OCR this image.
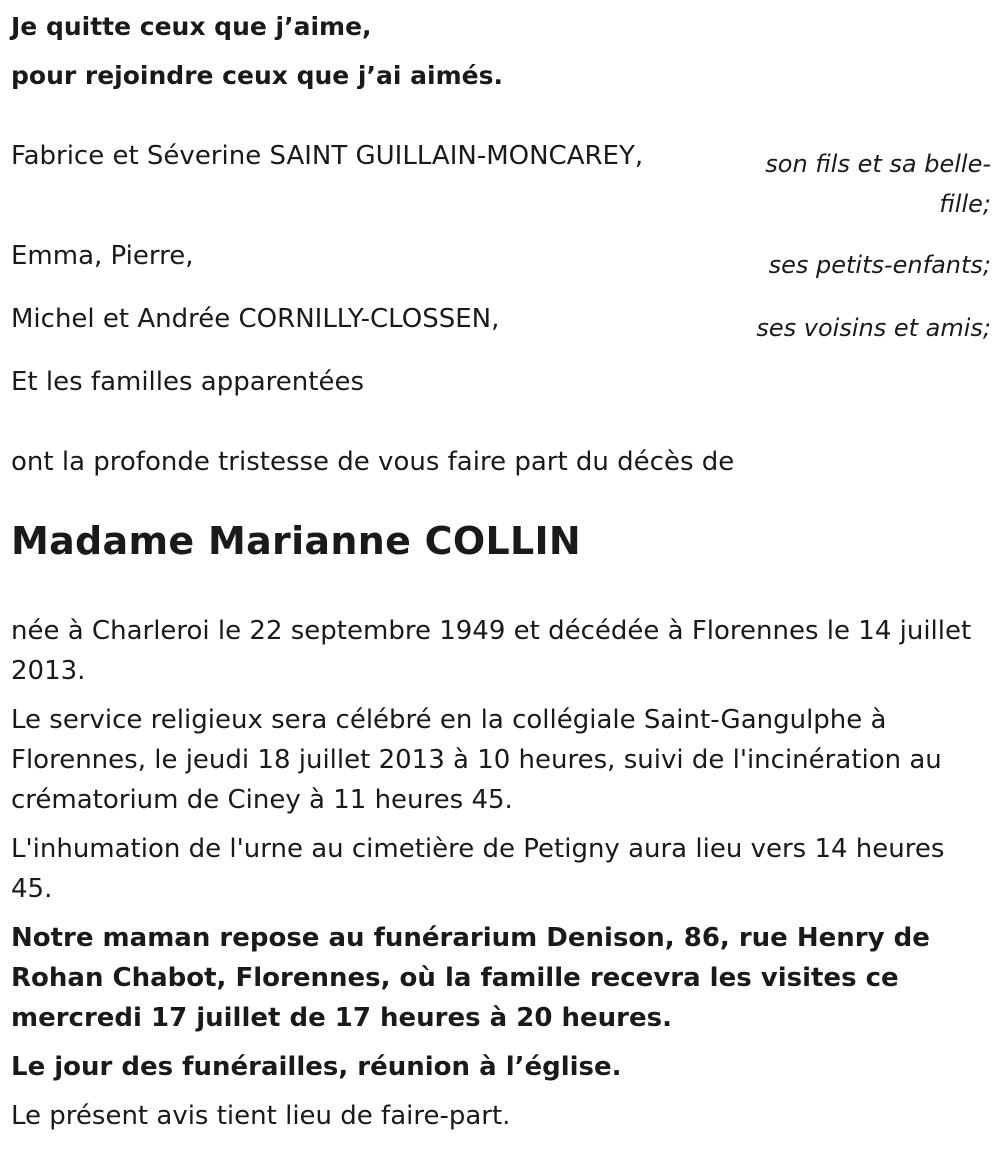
Je quitte ceux que j’aime,

pour rejoindre ceux que j’ai aimés.

Fabrice et Séverine SAINT GUILLAIN-MONCAREY,	son fils et sa belle-fille;

Emma, Pierre,	ses petits-enfants;

Michel et Andrée CORNILLY-CLOSSEN,	ses voisins et amis;

Et les familles apparentées

ont la profonde tristesse de vous faire part du décès de

Madame Marianne COLLIN

née à Charleroi le 22 septembre 1949 et décédée à Florennes le 14 juillet 2013.

Le service religieux sera célébré en la collégiale Saint-Gangulphe à Florennes, le jeudi 18 juillet 2013 à 10 heures, suivi de l'incinération au crématorium de Ciney à 11 heures 45.

L'inhumation de l'urne au cimetière de Petigny aura lieu vers 14 heures 45.

Notre maman repose au funérarium Denison, 86, rue Henry de Rohan Chabot, Florennes, où la famille recevra les visites ce mercredi 17 juillet de 17 heures à 20 heures.

Le jour des funérailles, réunion à l’église.

Le présent avis tient lieu de faire-part.
